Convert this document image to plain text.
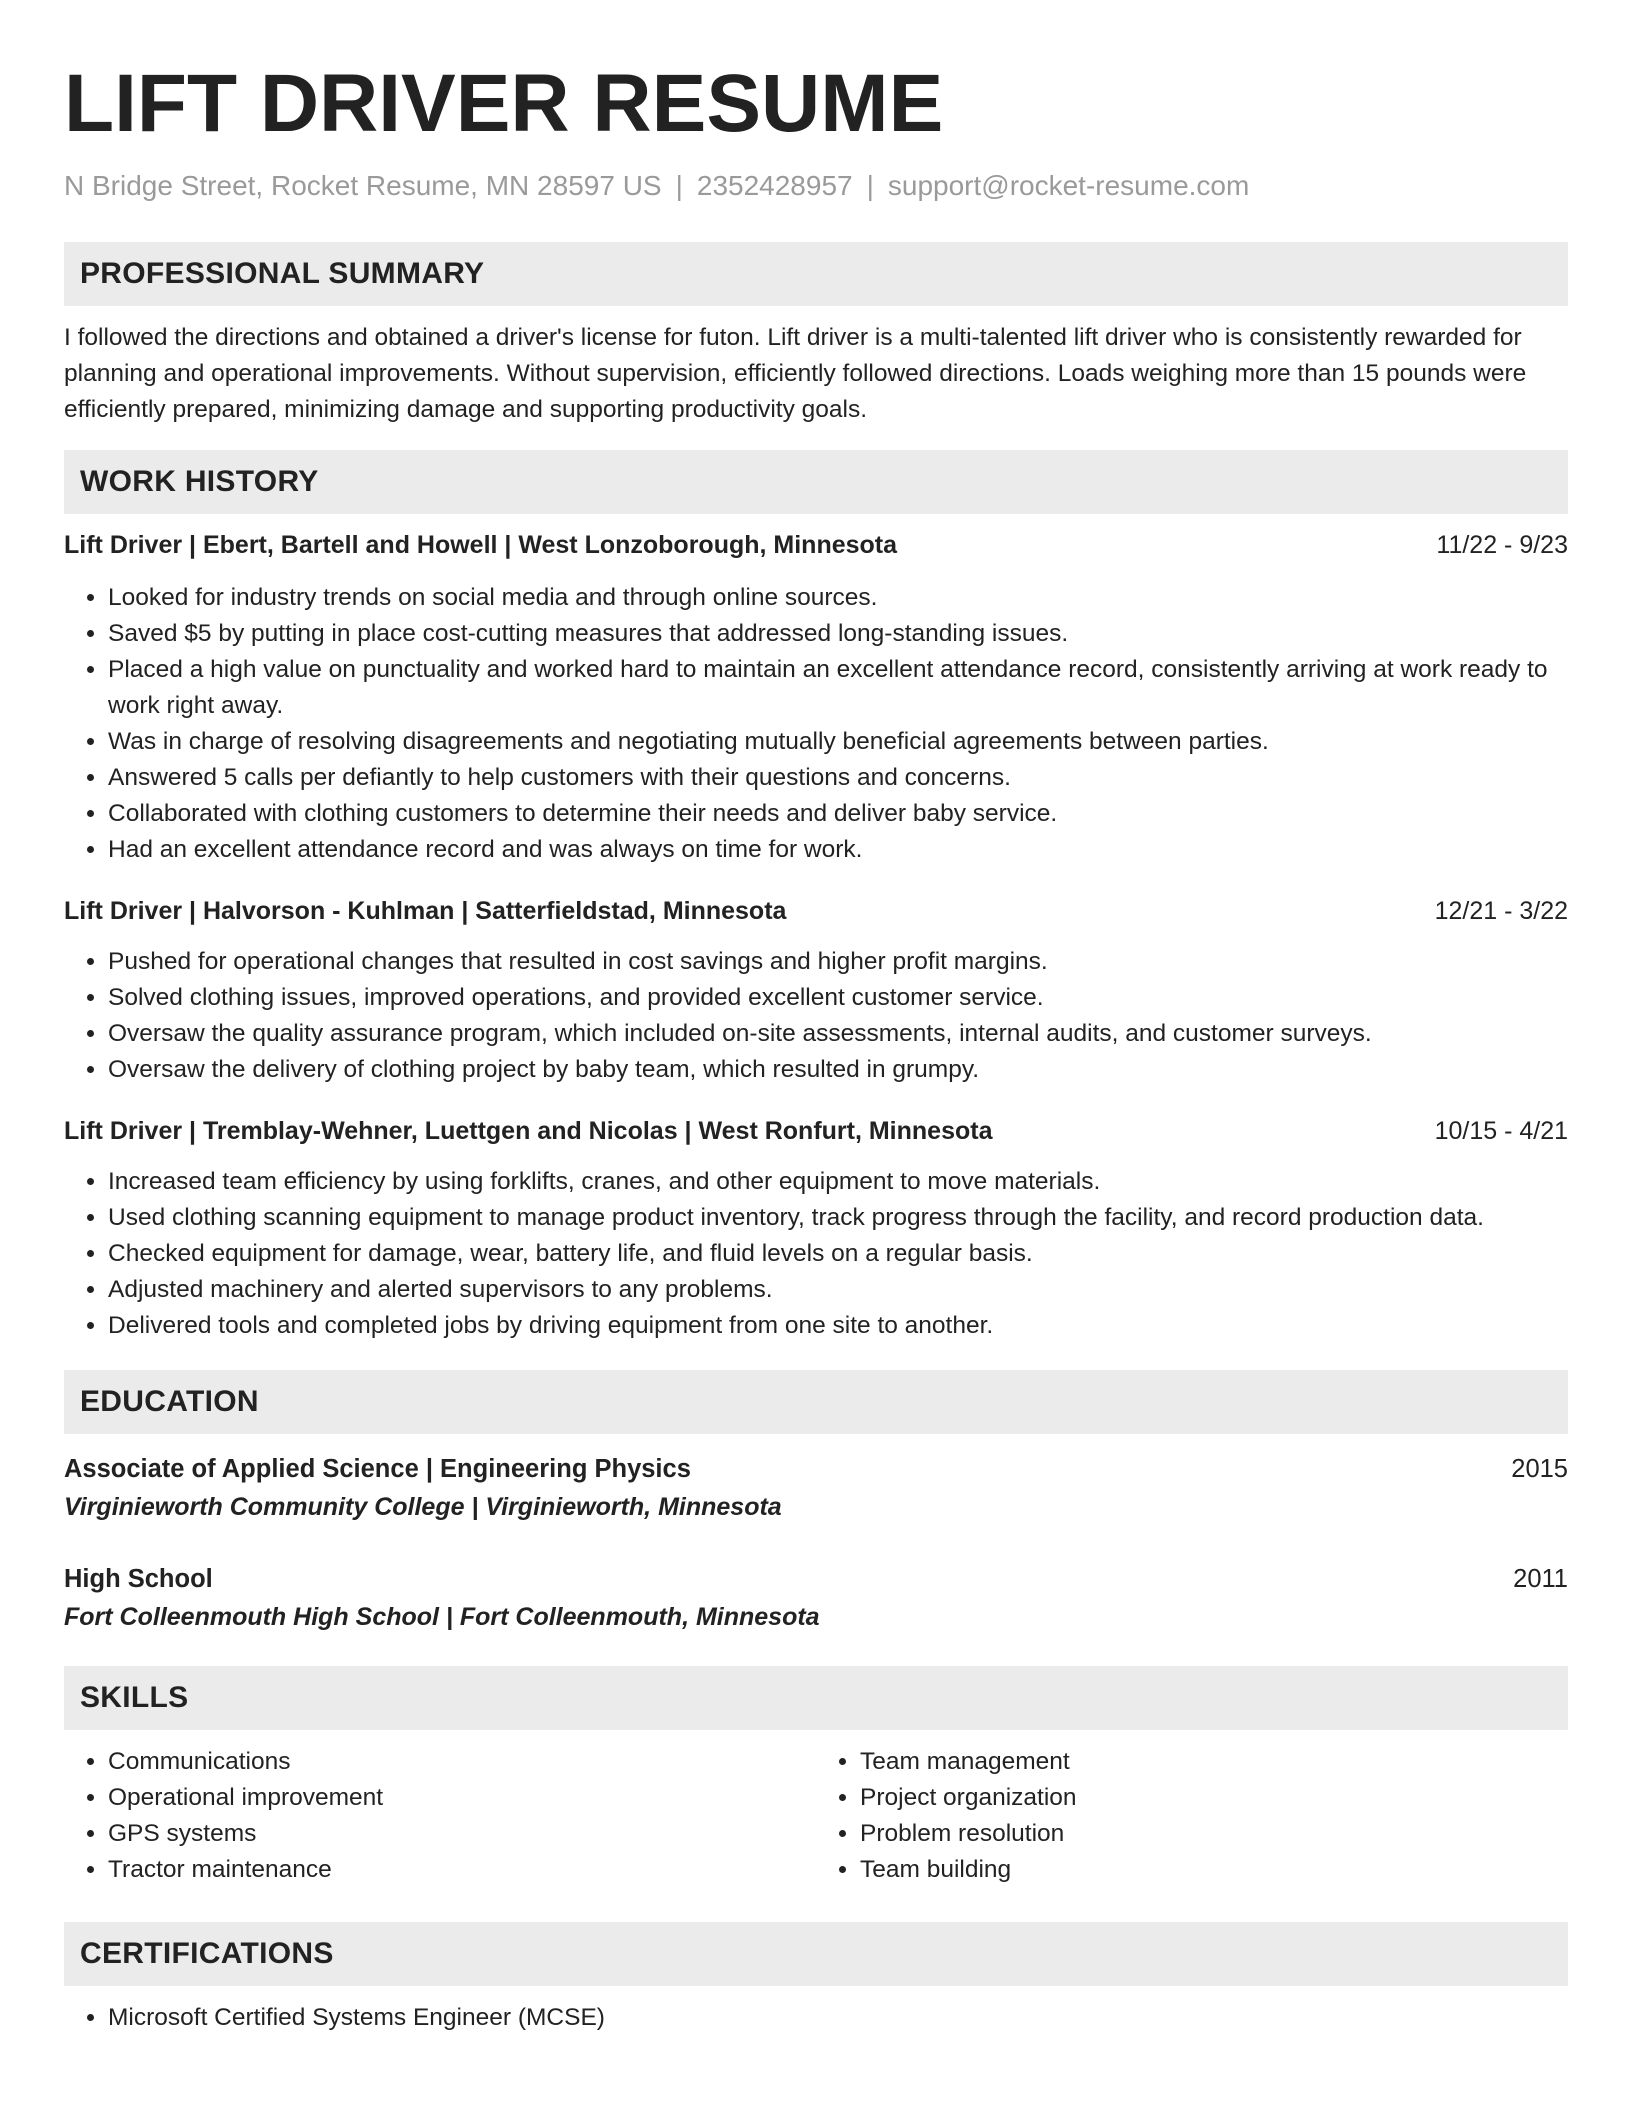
LIFT DRIVER RESUME
N Bridge Street, Rocket Resume, MN 28597 US | 2352428957 | support@rocket-resume.com
PROFESSIONAL SUMMARY

I followed the directions and obtained a driver's license for futon. Lift driver is a multi-talented lift driver who is consistently rewarded for planning and operational improvements. Without supervision, efficiently followed directions. Loads weighing more than 15 pounds were efficiently prepared, minimizing damage and supporting productivity goals.

WORK HISTORY
Lift Driver | Ebert, Bartell and Howell | West Lonzoborough, Minnesota	11/22 - 9/23
• Looked for industry trends on social media and through online sources.
• Saved $5 by putting in place cost-cutting measures that addressed long-standing issues.
• Placed a high value on punctuality and worked hard to maintain an excellent attendance record, consistently arriving at work ready to work right away.
• Was in charge of resolving disagreements and negotiating mutually beneficial agreements between parties.
• Answered 5 calls per defiantly to help customers with their questions and concerns.
• Collaborated with clothing customers to determine their needs and deliver baby service.
• Had an excellent attendance record and was always on time for work.
Lift Driver | Halvorson - Kuhlman | Satterfieldstad, Minnesota	12/21 - 3/22
• Pushed for operational changes that resulted in cost savings and higher profit margins.
• Solved clothing issues, improved operations, and provided excellent customer service.
• Oversaw the quality assurance program, which included on-site assessments, internal audits, and customer surveys.
• Oversaw the delivery of clothing project by baby team, which resulted in grumpy.
Lift Driver | Tremblay-Wehner, Luettgen and Nicolas | West Ronfurt, Minnesota	10/15 - 4/21
• Increased team efficiency by using forklifts, cranes, and other equipment to move materials.
• Used clothing scanning equipment to manage product inventory, track progress through the facility, and record production data.
• Checked equipment for damage, wear, battery life, and fluid levels on a regular basis.
• Adjusted machinery and alerted supervisors to any problems.
• Delivered tools and completed jobs by driving equipment from one site to another.
EDUCATION
Associate of Applied Science | Engineering Physics	2015
Virginieworth Community College | Virginieworth, Minnesota
High School	2011
Fort Colleenmouth High School | Fort Colleenmouth, Minnesota
SKILLS
• Communications
• Operational improvement
• GPS systems
• Tractor maintenance
• Team management
• Project organization
• Problem resolution
• Team building
CERTIFICATIONS
• Microsoft Certified Systems Engineer (MCSE)
